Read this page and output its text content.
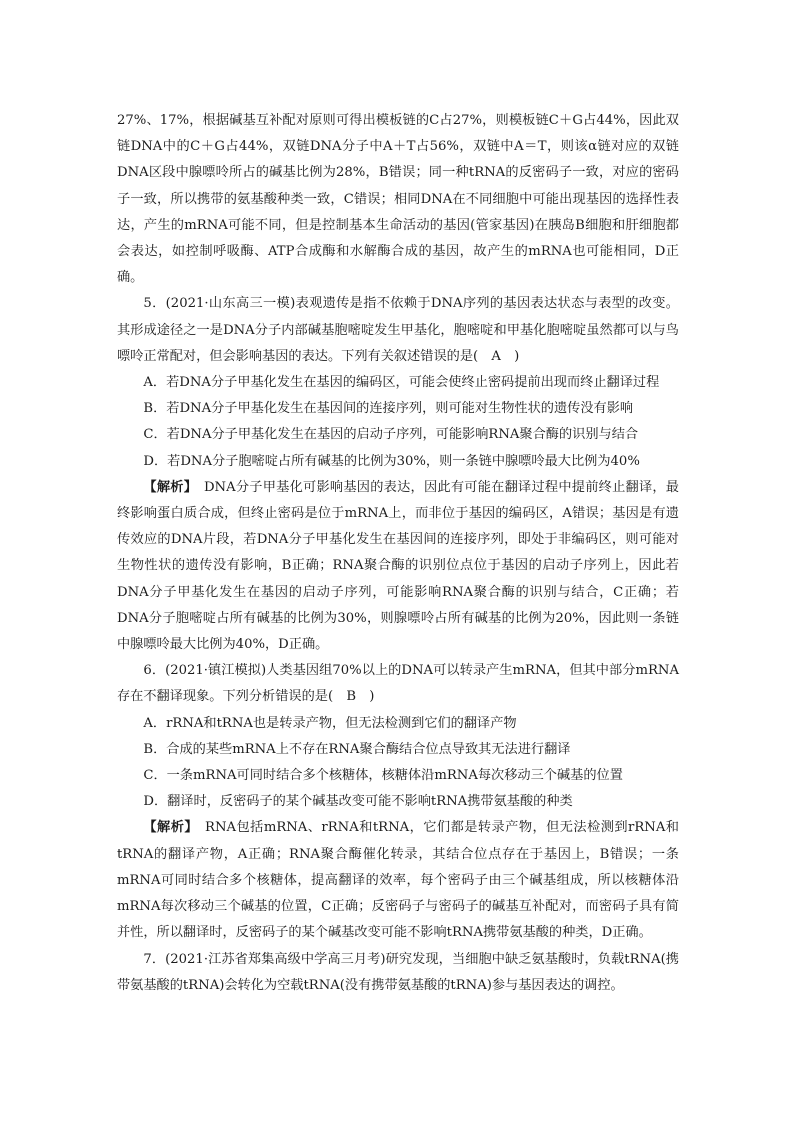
27%、17%，根据碱基互补配对原则可得出模板链的C占27%，则模板链C＋G占44%，因此双链DNA中的C＋G占44%，双链DNA分子中A＋T占56%，双链中A＝T，则该α链对应的双链DNA区段中腺嘌呤所占的碱基比例为28%，B错误；同一种tRNA的反密码子一致，对应的密码子一致，所以携带的氨基酸种类一致，C错误；相同DNA在不同细胞中可能出现基因的选择性表达，产生的mRNA可能不同，但是控制基本生命活动的基因(管家基因)在胰岛B细胞和肝细胞都会表达，如控制呼吸酶、ATP合成酶和水解酶合成的基因，故产生的mRNA也可能相同，D正确。

5．(2021·山东高三一模)表观遗传是指不依赖于DNA序列的基因表达状态与表型的改变。其形成途径之一是DNA分子内部碱基胞嘧啶发生甲基化，胞嘧啶和甲基化胞嘧啶虽然都可以与鸟嘌呤正常配对，但会影响基因的表达。下列有关叙述错误的是(　A　)

A．若DNA分子甲基化发生在基因的编码区，可能会使终止密码提前出现而终止翻译过程

B．若DNA分子甲基化发生在基因间的连接序列，则可能对生物性状的遗传没有影响

C．若DNA分子甲基化发生在基因的启动子序列，可能影响RNA聚合酶的识别与结合

D．若DNA分子胞嘧啶占所有碱基的比例为30%，则一条链中腺嘌呤最大比例为40%

【解析】　DNA分子甲基化可影响基因的表达，因此有可能在翻译过程中提前终止翻译，最终影响蛋白质合成，但终止密码是位于mRNA上，而非位于基因的编码区，A错误；基因是有遗传效应的DNA片段，若DNA分子甲基化发生在基因间的连接序列，即处于非编码区，则可能对生物性状的遗传没有影响，B正确；RNA聚合酶的识别位点位于基因的启动子序列上，因此若DNA分子甲基化发生在基因的启动子序列，可能影响RNA聚合酶的识别与结合，C正确；若DNA分子胞嘧啶占所有碱基的比例为30%，则腺嘌呤占所有碱基的比例为20%，因此则一条链中腺嘌呤最大比例为40%，D正确。

6．(2021·镇江模拟)人类基因组70%以上的DNA可以转录产生mRNA，但其中部分mRNA存在不翻译现象。下列分析错误的是(　B　)

A．rRNA和tRNA也是转录产物，但无法检测到它们的翻译产物

B．合成的某些mRNA上不存在RNA聚合酶结合位点导致其无法进行翻译

C．一条mRNA可同时结合多个核糖体，核糖体沿mRNA每次移动三个碱基的位置

D．翻译时，反密码子的某个碱基改变可能不影响tRNA携带氨基酸的种类

【解析】　RNA包括mRNA、rRNA和tRNA，它们都是转录产物，但无法检测到rRNA和tRNA的翻译产物，A正确；RNA聚合酶催化转录，其结合位点存在于基因上，B错误；一条mRNA可同时结合多个核糖体，提高翻译的效率，每个密码子由三个碱基组成，所以核糖体沿mRNA每次移动三个碱基的位置，C正确；反密码子与密码子的碱基互补配对，而密码子具有简并性，所以翻译时，反密码子的某个碱基改变可能不影响tRNA携带氨基酸的种类，D正确。

7．(2021·江苏省郑集高级中学高三月考)研究发现，当细胞中缺乏氨基酸时，负载tRNA(携带氨基酸的tRNA)会转化为空载tRNA(没有携带氨基酸的tRNA)参与基因表达的调控。
